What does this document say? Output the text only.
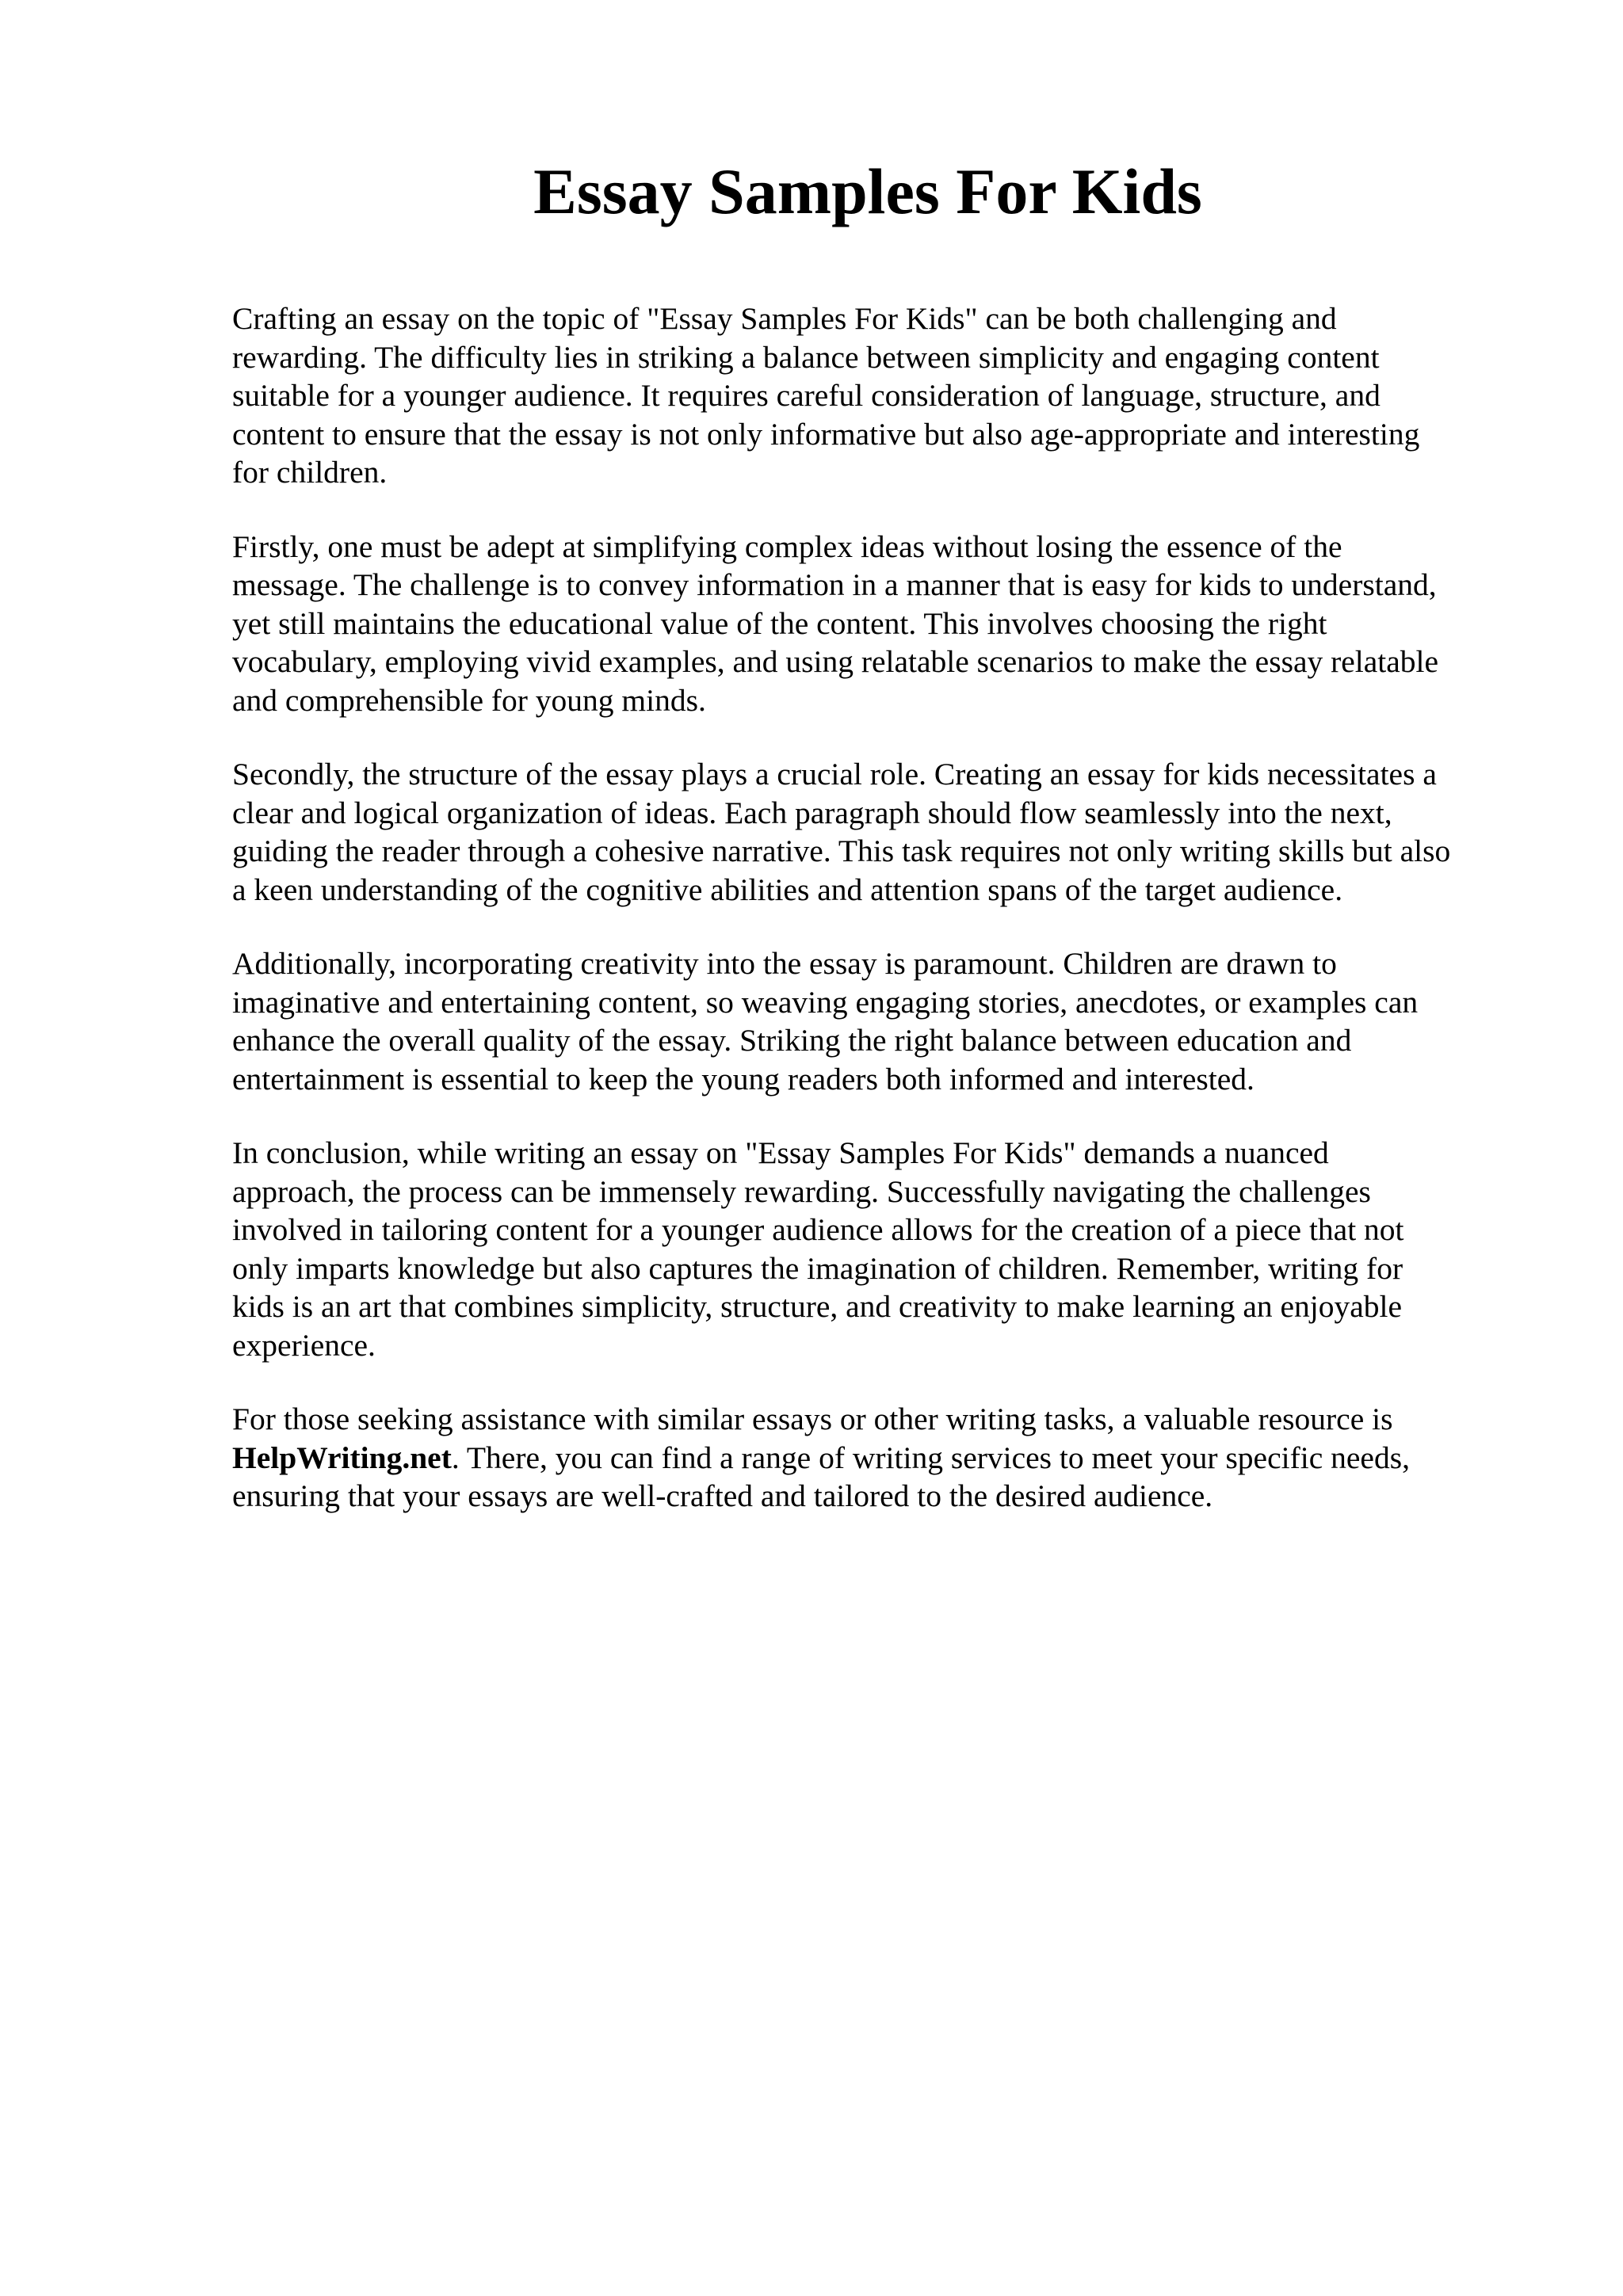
Essay Samples For Kids

Crafting an essay on the topic of "Essay Samples For Kids" can be both challenging and
rewarding. The difficulty lies in striking a balance between simplicity and engaging content
suitable for a younger audience. It requires careful consideration of language, structure, and
content to ensure that the essay is not only informative but also age-appropriate and interesting
for children.

Firstly, one must be adept at simplifying complex ideas without losing the essence of the
message. The challenge is to convey information in a manner that is easy for kids to understand,
yet still maintains the educational value of the content. This involves choosing the right
vocabulary, employing vivid examples, and using relatable scenarios to make the essay relatable
and comprehensible for young minds.

Secondly, the structure of the essay plays a crucial role. Creating an essay for kids necessitates a
clear and logical organization of ideas. Each paragraph should flow seamlessly into the next,
guiding the reader through a cohesive narrative. This task requires not only writing skills but also
a keen understanding of the cognitive abilities and attention spans of the target audience.

Additionally, incorporating creativity into the essay is paramount. Children are drawn to
imaginative and entertaining content, so weaving engaging stories, anecdotes, or examples can
enhance the overall quality of the essay. Striking the right balance between education and
entertainment is essential to keep the young readers both informed and interested.

In conclusion, while writing an essay on "Essay Samples For Kids" demands a nuanced
approach, the process can be immensely rewarding. Successfully navigating the challenges
involved in tailoring content for a younger audience allows for the creation of a piece that not
only imparts knowledge but also captures the imagination of children. Remember, writing for
kids is an art that combines simplicity, structure, and creativity to make learning an enjoyable
experience.

For those seeking assistance with similar essays or other writing tasks, a valuable resource is
HelpWriting.net. There, you can find a range of writing services to meet your specific needs,
ensuring that your essays are well-crafted and tailored to the desired audience.
